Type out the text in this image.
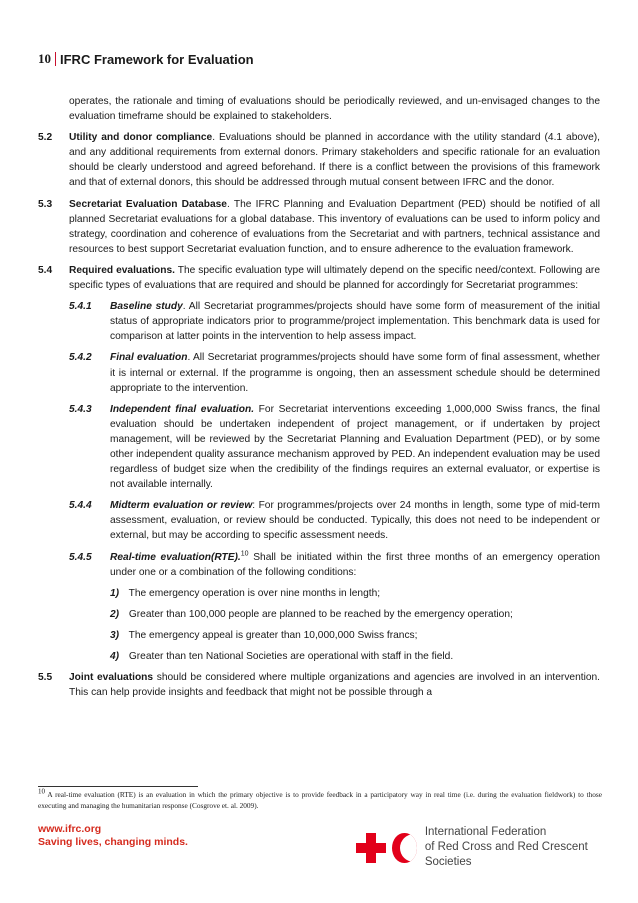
10 IFRC Framework for Evaluation
operates, the rationale and timing of evaluations should be periodically reviewed, and un-envisaged changes to the evaluation timeframe should be explained to stakeholders.
5.2	Utility and donor compliance. Evaluations should be planned in accordance with the utility standard (4.1 above), and any additional requirements from external donors. Primary stakeholders and specific rationale for an evaluation should be clearly understood and agreed beforehand. If there is a conflict between the provisions of this framework and that of external donors, this should be addressed through mutual consent between IFRC and the donor.
5.3	Secretariat Evaluation Database. The IFRC Planning and Evaluation Department (PED) should be notified of all planned Secretariat evaluations for a global database. This inventory of evaluations can be used to inform policy and strategy, coordination and coherence of evaluations from the Secretariat and with partners, technical assistance and resources to best support Secretariat evaluation function, and to ensure adherence to the evaluation framework.
5.4	Required evaluations. The specific evaluation type will ultimately depend on the specific need/context. Following are specific types of evaluations that are required and should be planned for accordingly for Secretariat programmes:
5.4.1	Baseline study. All Secretariat programmes/projects should have some form of measurement of the initial status of appropriate indicators prior to programme/project implementation. This benchmark data is used for comparison at latter points in the intervention to help assess impact.
5.4.2	Final evaluation. All Secretariat programmes/projects should have some form of final assessment, whether it is internal or external. If the programme is ongoing, then an assessment schedule should be determined appropriate to the intervention.
5.4.3	Independent final evaluation. For Secretariat interventions exceeding 1,000,000 Swiss francs, the final evaluation should be undertaken independent of project management, or if undertaken by project management, will be reviewed by the Secretariat Planning and Evaluation Department (PED), or by some other independent quality assurance mechanism approved by PED. An independent evaluation may be used regardless of budget size when the credibility of the findings requires an external evaluator, or expertise is not available internally.
5.4.4	Midterm evaluation or review: For programmes/projects over 24 months in length, some type of mid-term assessment, evaluation, or review should be conducted. Typically, this does not need to be independent or external, but may be according to specific assessment needs.
5.4.5	Real-time evaluation(RTE).$^{10}$ Shall be initiated within the first three months of an emergency operation under one or a combination of the following conditions:
1) The emergency operation is over nine months in length;
2) Greater than 100,000 people are planned to be reached by the emergency operation;
3) The emergency appeal is greater than 10,000,000 Swiss francs;
4) Greater than ten National Societies are operational with staff in the field.
5.5	Joint evaluations should be considered where multiple organizations and agencies are involved in an intervention. This can help provide insights and feedback that might not be possible through a
$^{10}$ A real-time evaluation (RTE) is an evaluation in which the primary objective is to provide feedback in a participatory way in real time (i.e. during the evaluation fieldwork) to those executing and managing the humanitarian response (Cosgrove et. al. 2009).
www.ifrc.org
Saving lives, changing minds.
International Federation
of Red Cross and Red Crescent Societies
